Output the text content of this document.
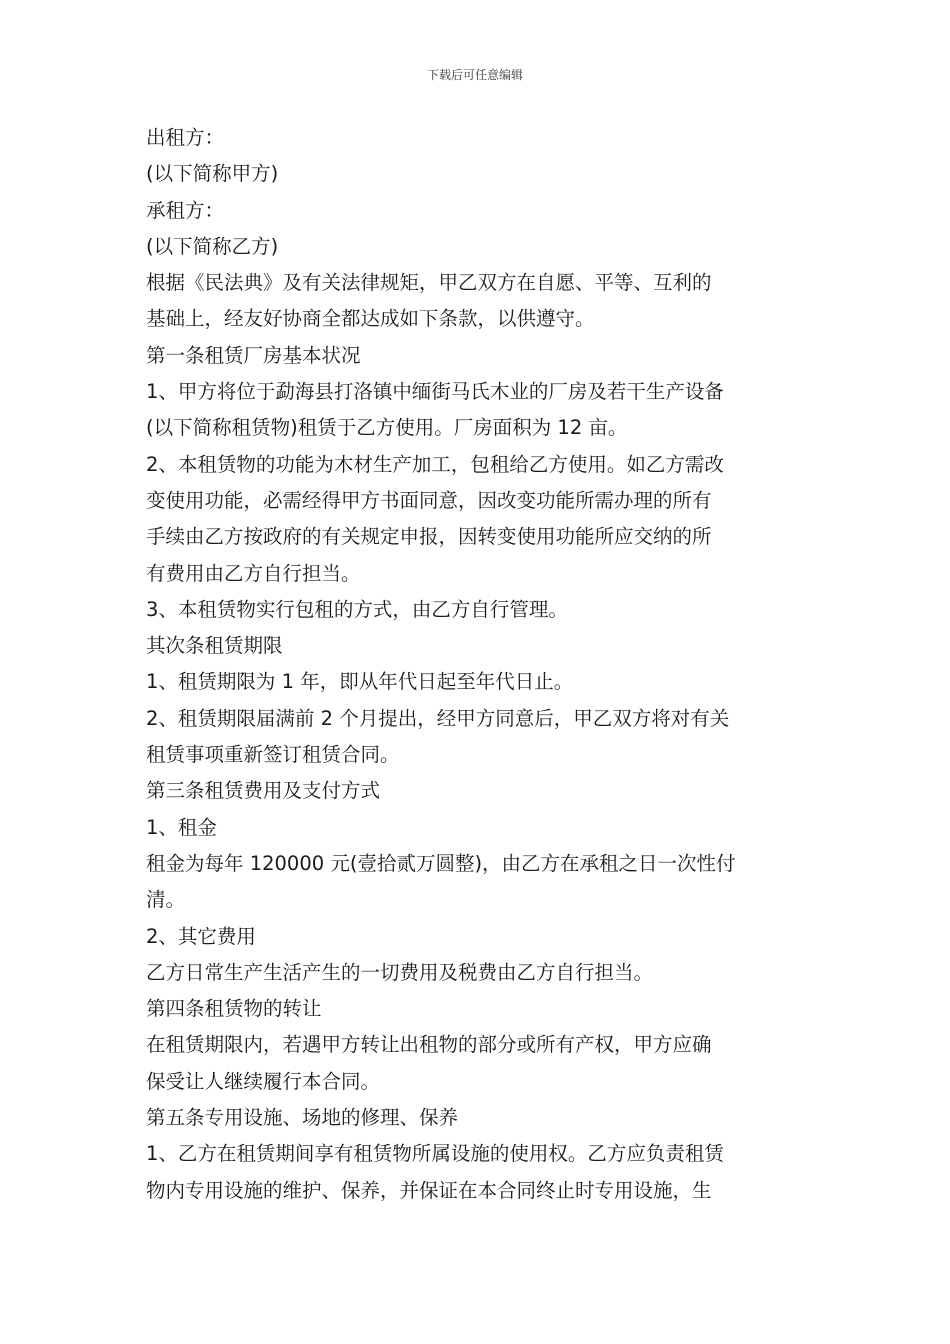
下载后可任意编辑
出租方：
(以下简称甲方)
承租方：
(以下简称乙方)
根据《民法典》及有关法律规矩，甲乙双方在自愿、平等、互利的
基础上，经友好协商全都达成如下条款，以供遵守。
第一条租赁厂房基本状况
1、甲方将位于勐海县打洛镇中缅街马氏木业的厂房及若干生产设备
(以下简称租赁物)租赁于乙方使用。厂房面积为 12 亩。
2、本租赁物的功能为木材生产加工，包租给乙方使用。如乙方需改
变使用功能，必需经得甲方书面同意，因改变功能所需办理的所有
手续由乙方按政府的有关规定申报，因转变使用功能所应交纳的所
有费用由乙方自行担当。
3、本租赁物实行包租的方式，由乙方自行管理。
其次条租赁期限
1、租赁期限为 1 年，即从年代日起至年代日止。
2、租赁期限届满前 2 个月提出，经甲方同意后，甲乙双方将对有关
租赁事项重新签订租赁合同。
第三条租赁费用及支付方式
1、租金
租金为每年 120000 元(壹拾贰万圆整)，由乙方在承租之日一次性付
清。
2、其它费用
乙方日常生产生活产生的一切费用及税费由乙方自行担当。
第四条租赁物的转让
在租赁期限内，若遇甲方转让出租物的部分或所有产权，甲方应确
保受让人继续履行本合同。
第五条专用设施、场地的修理、保养
1、乙方在租赁期间享有租赁物所属设施的使用权。乙方应负责租赁
物内专用设施的维护、保养，并保证在本合同终止时专用设施，生
